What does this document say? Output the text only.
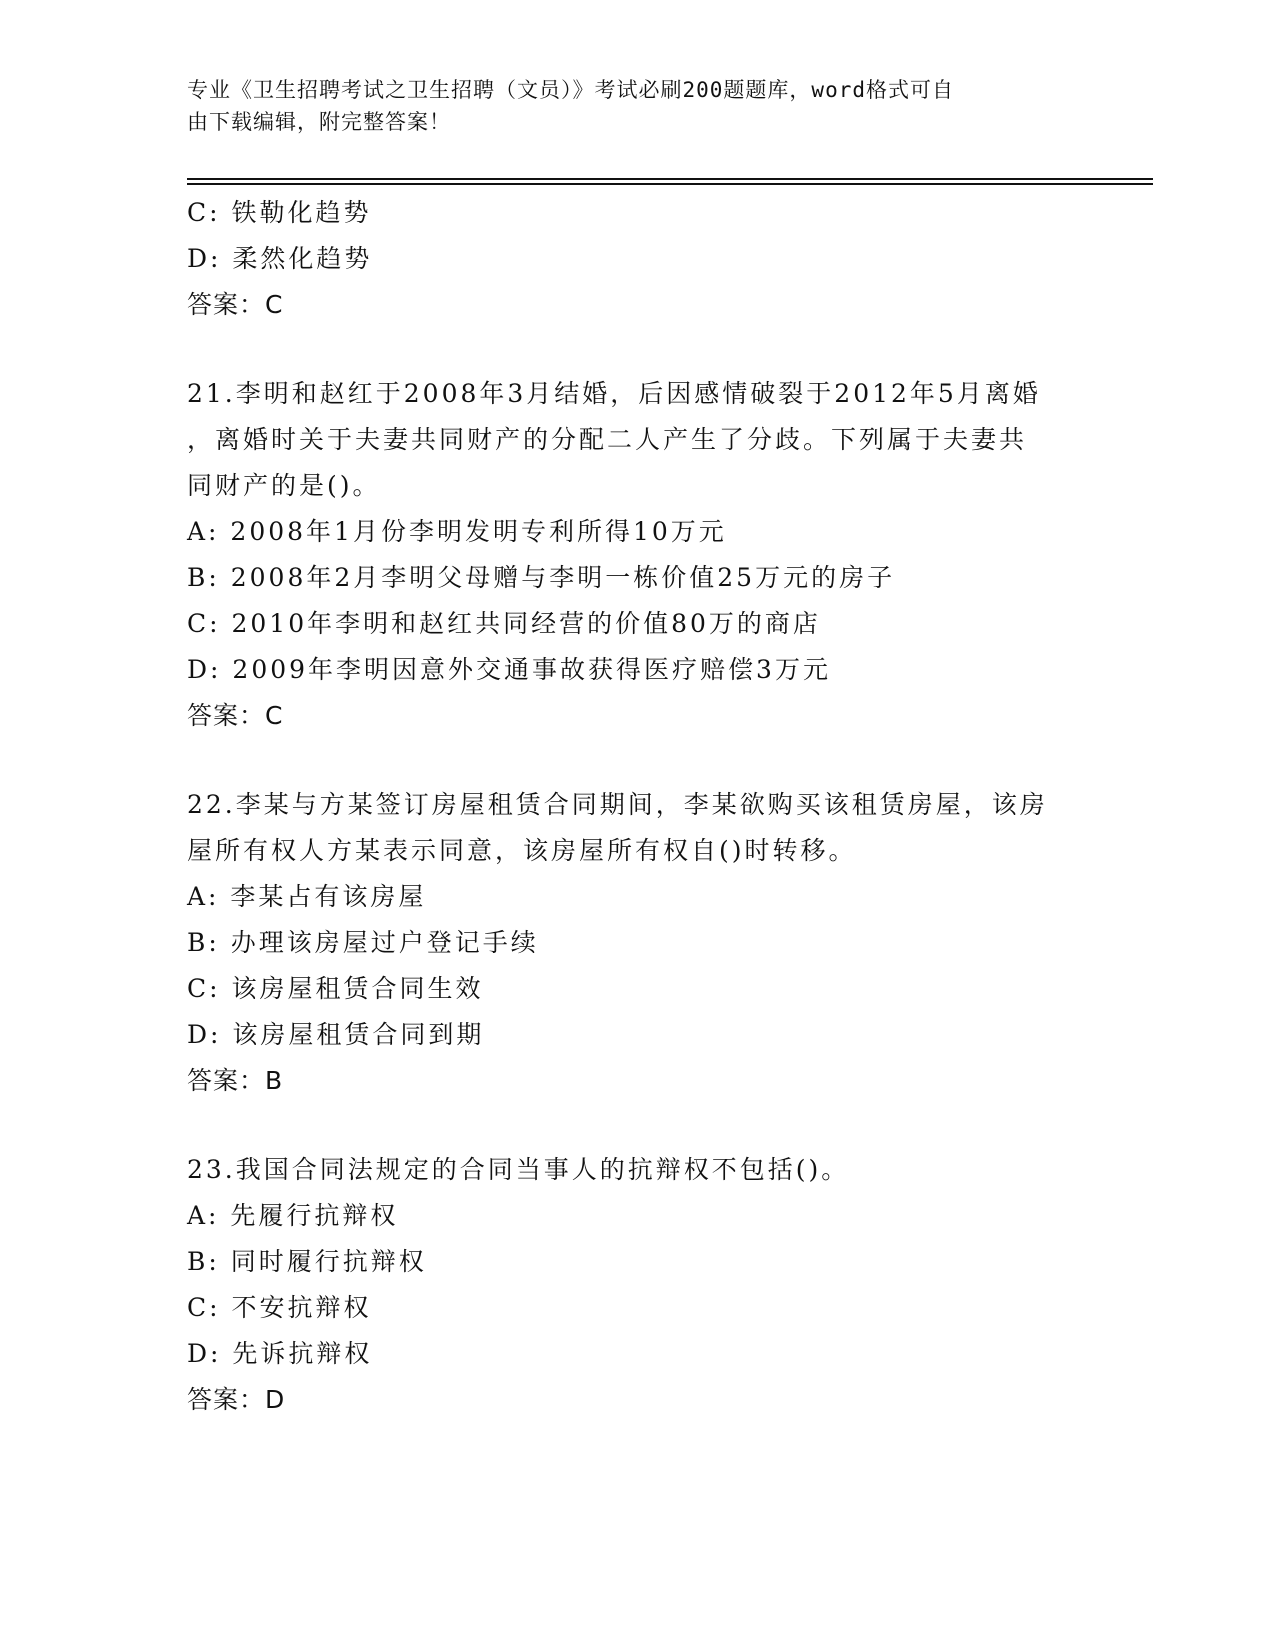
专业《卫生招聘考试之卫生招聘（文员）》考试必刷200题题库，word格式可自
由下载编辑，附完整答案！
C: 铁勒化趋势
D: 柔然化趋势
答案：C
21.李明和赵红于2008年3月结婚，后因感情破裂于2012年5月离婚
，离婚时关于夫妻共同财产的分配二人产生了分歧。下列属于夫妻共
同财产的是()。
A: 2008年1月份李明发明专利所得10万元
B: 2008年2月李明父母赠与李明一栋价值25万元的房子
C: 2010年李明和赵红共同经营的价值80万的商店
D: 2009年李明因意外交通事故获得医疗赔偿3万元
答案：C
22.李某与方某签订房屋租赁合同期间，李某欲购买该租赁房屋，该房
屋所有权人方某表示同意，该房屋所有权自()时转移。
A: 李某占有该房屋
B: 办理该房屋过户登记手续
C: 该房屋租赁合同生效
D: 该房屋租赁合同到期
答案：B
23.我国合同法规定的合同当事人的抗辩权不包括()。
A: 先履行抗辩权
B: 同时履行抗辩权
C: 不安抗辩权
D: 先诉抗辩权
答案：D
